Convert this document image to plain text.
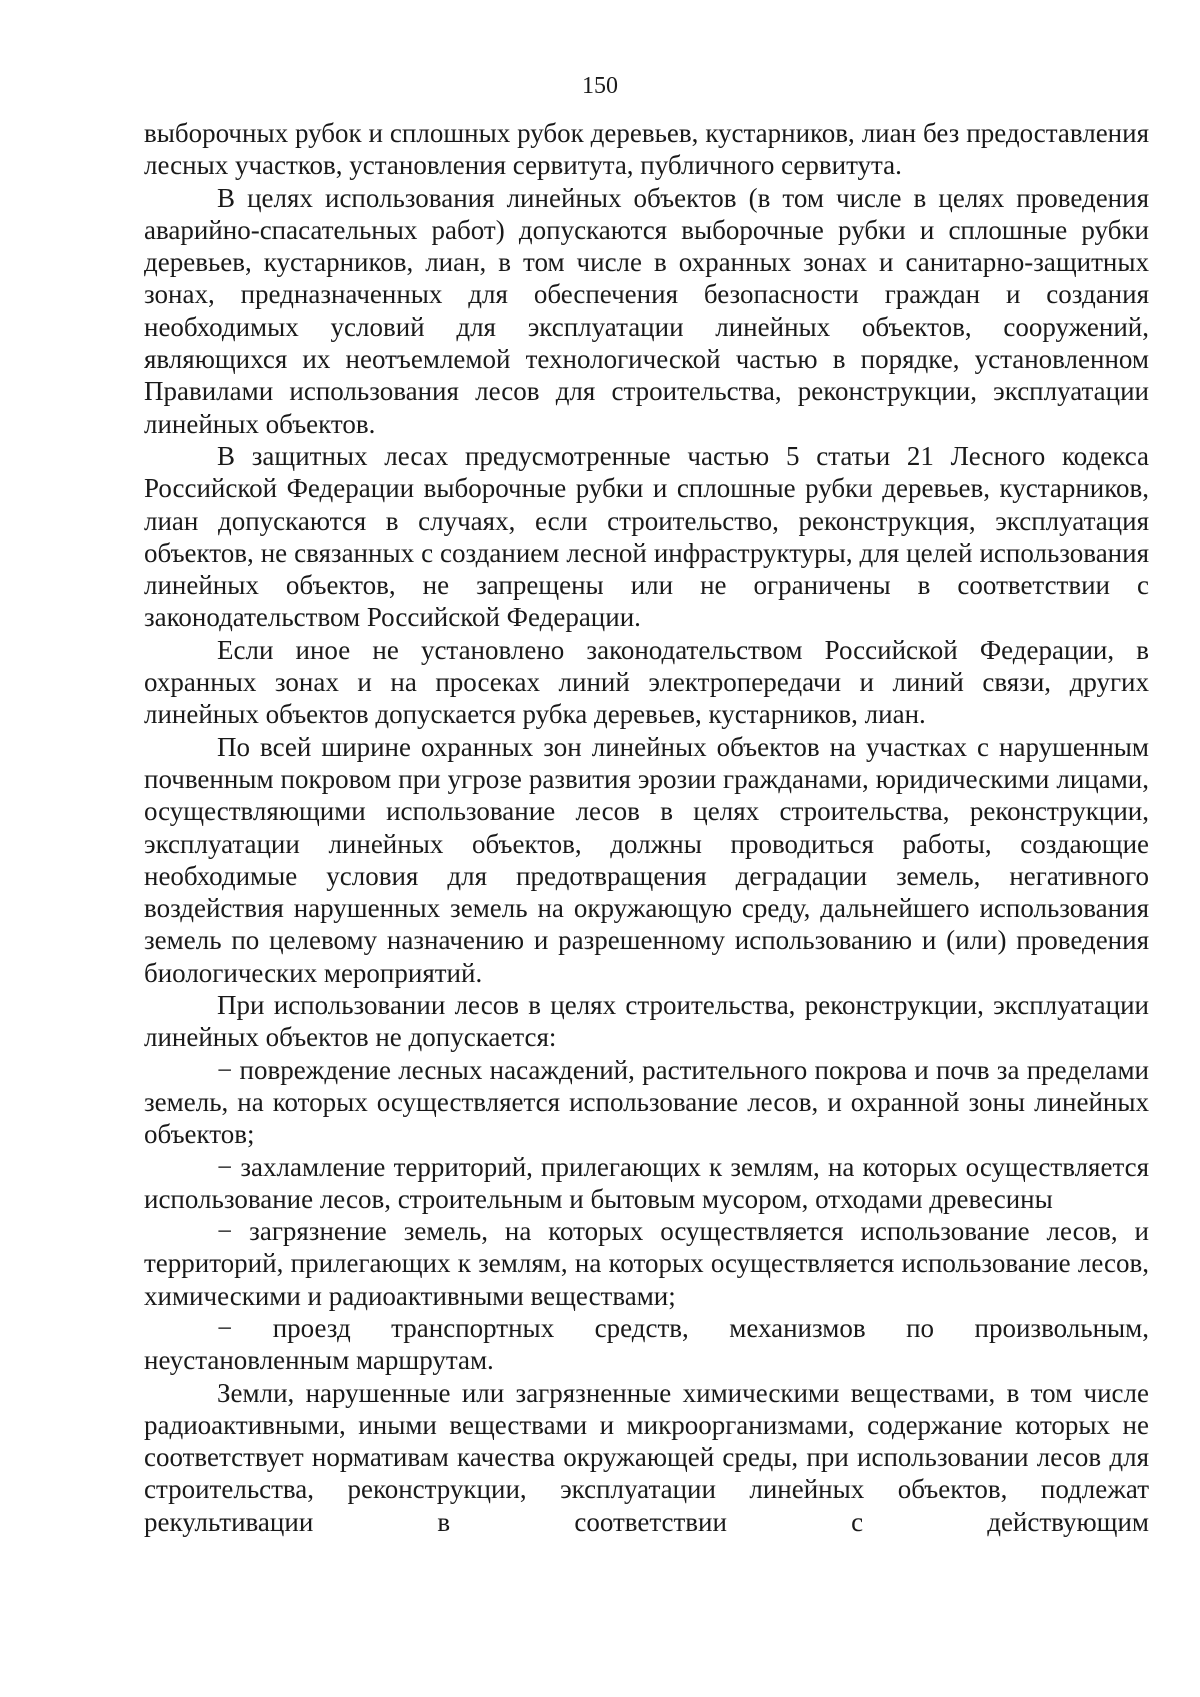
150

выборочных рубок и сплошных рубок деревьев, кустарников, лиан без предоставления лесных участков, установления сервитута, публичного сервитута.

В целях использования линейных объектов (в том числе в целях проведения аварийно-спасательных работ) допускаются выборочные рубки и сплошные рубки деревьев, кустарников, лиан, в том числе в охранных зонах и санитарно-защитных зонах, предназначенных для обеспечения безопасности граждан и создания необходимых условий для эксплуатации линейных объектов, сооружений, являющихся их неотъемлемой технологической частью в порядке, установленном Правилами использования лесов для строительства, реконструкции, эксплуатации линейных объектов.

В защитных лесах предусмотренные частью 5 статьи 21 Лесного кодекса Российской Федерации выборочные рубки и сплошные рубки деревьев, кустарников, лиан допускаются в случаях, если строительство, реконструкция, эксплуатация объектов, не связанных с созданием лесной инфраструктуры, для целей использования линейных объектов, не запрещены или не ограничены в соответствии с законодательством Российской Федерации.

Если иное не установлено законодательством Российской Федерации, в охранных зонах и на просеках линий электропередачи и линий связи, других линейных объектов допускается рубка деревьев, кустарников, лиан.

По всей ширине охранных зон линейных объектов на участках с нарушенным почвенным покровом при угрозе развития эрозии гражданами, юридическими лицами, осуществляющими использование лесов в целях строительства, реконструкции, эксплуатации линейных объектов, должны проводиться работы, создающие необходимые условия для предотвращения деградации земель, негативного воздействия нарушенных земель на окружающую среду, дальнейшего использования земель по целевому назначению и разрешенному использованию и (или) проведения биологических мероприятий.

При использовании лесов в целях строительства, реконструкции, эксплуатации линейных объектов не допускается:

− повреждение лесных насаждений, растительного покрова и почв за пределами земель, на которых осуществляется использование лесов, и охранной зоны линейных объектов;

− захламление территорий, прилегающих к землям, на которых осуществляется использование лесов, строительным и бытовым мусором, отходами древесины

− загрязнение земель, на которых осуществляется использование лесов, и территорий, прилегающих к землям, на которых осуществляется использование лесов, химическими и радиоактивными веществами;

− проезд транспортных средств, механизмов по произвольным, неустановленным маршрутам.

Земли, нарушенные или загрязненные химическими веществами, в том числе радиоактивными, иными веществами и микроорганизмами, содержание которых не соответствует нормативам качества окружающей среды, при использовании лесов для строительства, реконструкции, эксплуатации линейных объектов, подлежат рекультивации в соответствии с действующим
